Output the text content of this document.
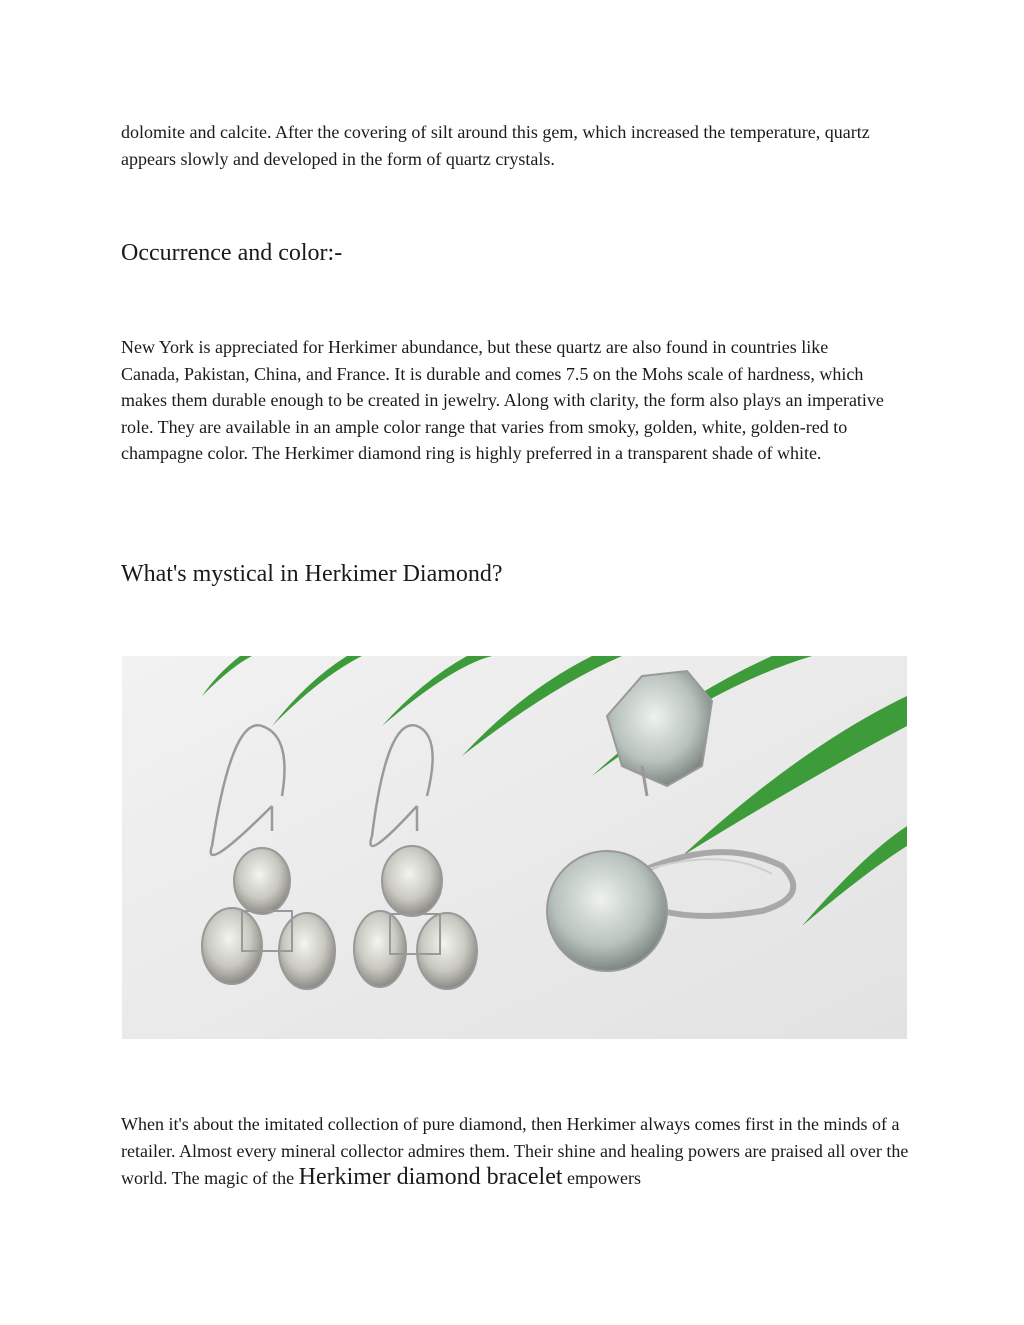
dolomite and calcite. After the covering of silt around this gem, which increased the temperature, quartz appears slowly and developed in the form of quartz crystals.

Occurrence and color:-

New York is appreciated for Herkimer abundance, but these quartz are also found in countries like Canada, Pakistan, China, and France. It is durable and comes 7.5 on the Mohs scale of hardness, which makes them durable enough to be created in jewelry. Along with clarity, the form also plays an imperative role. They are available in an ample color range that varies from smoky, golden, white, golden-red to champagne color. The Herkimer diamond ring is highly preferred in a transparent shade of white.

What's mystical in Herkimer Diamond?

When it's about the imitated collection of pure diamond, then Herkimer always comes first in the minds of a retailer. Almost every mineral collector admires them. Their shine and healing powers are praised all over the world. The magic of the Herkimer diamond bracelet empowers
